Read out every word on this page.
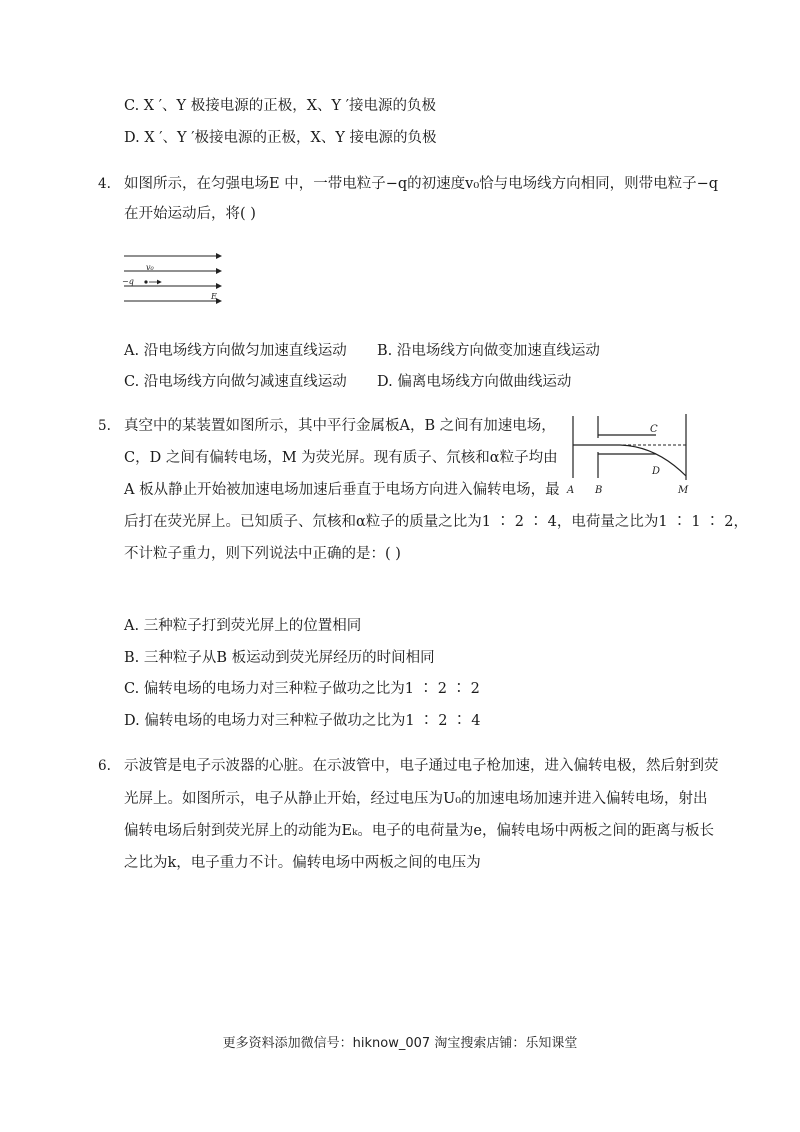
C. X ′、Y 极接电源的正极，X、Y ′接电源的负极
D. X ′、Y ′极接电源的正极，X、Y 接电源的负极
4. 如图所示，在匀强电场E 中，一带电粒子−q的初速度v₀恰与电场线方向相同，则带电粒子−q
在开始运动后，将( )
v₀
−q
E
A. 沿电场线方向做匀加速直线运动 B. 沿电场线方向做变加速直线运动
C. 沿电场线方向做匀减速直线运动 D. 偏离电场线方向做曲线运动
5. 真空中的某装置如图所示，其中平行金属板A，B 之间有加速电场，
C，D 之间有偏转电场，M 为荧光屏。现有质子、氘核和α粒子均由
A 板从静止开始被加速电场加速后垂直于电场方向进入偏转电场，最
后打在荧光屏上。已知质子、氘核和α粒子的质量之比为1 ∶ 2 ∶ 4，电荷量之比为1 ∶ 1 ∶ 2，
不计粒子重力，则下列说法中正确的是：( )
C
D
A B	M
A. 三种粒子打到荧光屏上的位置相同
B. 三种粒子从B 板运动到荧光屏经历的时间相同
C. 偏转电场的电场力对三种粒子做功之比为1 ∶ 2 ∶ 2
D. 偏转电场的电场力对三种粒子做功之比为1 ∶ 2 ∶ 4
6. 示波管是电子示波器的心脏。在示波管中，电子通过电子枪加速，进入偏转电极，然后射到荧
光屏上。如图所示，电子从静止开始，经过电压为U₀的加速电场加速并进入偏转电场，射出
偏转电场后射到荧光屏上的动能为Eₖ。电子的电荷量为e，偏转电场中两板之间的距离与板长
之比为k，电子重力不计。偏转电场中两板之间的电压为
更多资料添加微信号：hiknow_007 淘宝搜索店铺：乐知课堂
